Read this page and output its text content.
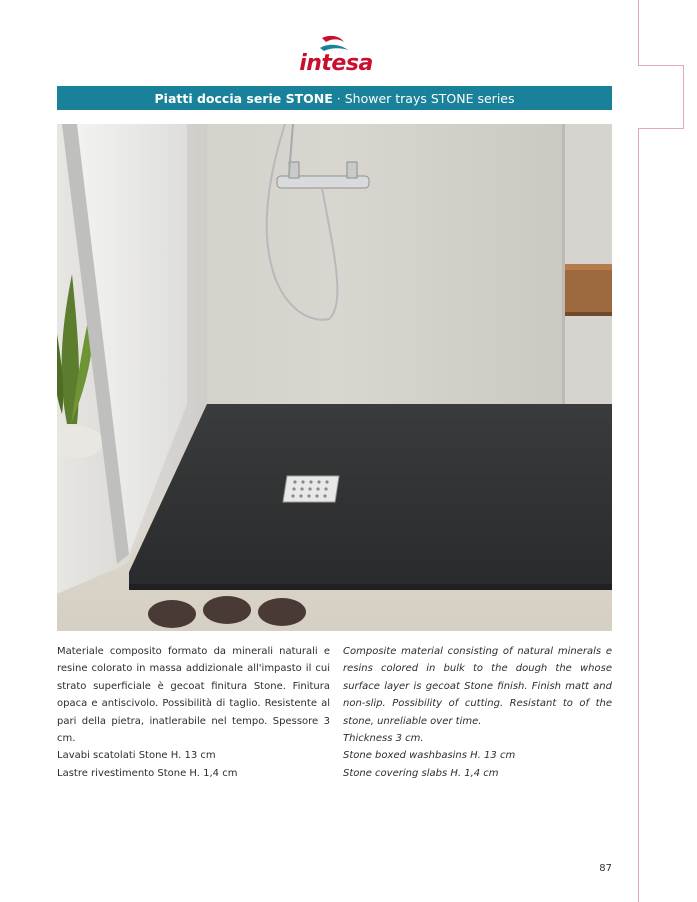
intesa
Piatti doccia serie STONE · Shower trays STONE series

Materiale composito formato da minerali naturali e resine colorato in massa addizionale all'impasto il cui strato superficiale è gecoat finitura Stone. Finitura opaca e antiscivolo. Possibilità di taglio. Resistente al pari della pietra, inatlerabile nel tempo. Spessore 3 cm.

Lavabi scatolati Stone H. 13 cm

Lastre rivestimento Stone H. 1,4 cm

Composite material consisting of natural minerals e resins colored in bulk to the dough the whose surface layer is gecoat Stone finish. Finish matt and non-slip. Possibility of cutting. Resistant to of the stone, unreliable over time.

Thickness 3 cm.

Stone boxed washbasins H. 13 cm

Stone covering slabs H. 1,4 cm

87
